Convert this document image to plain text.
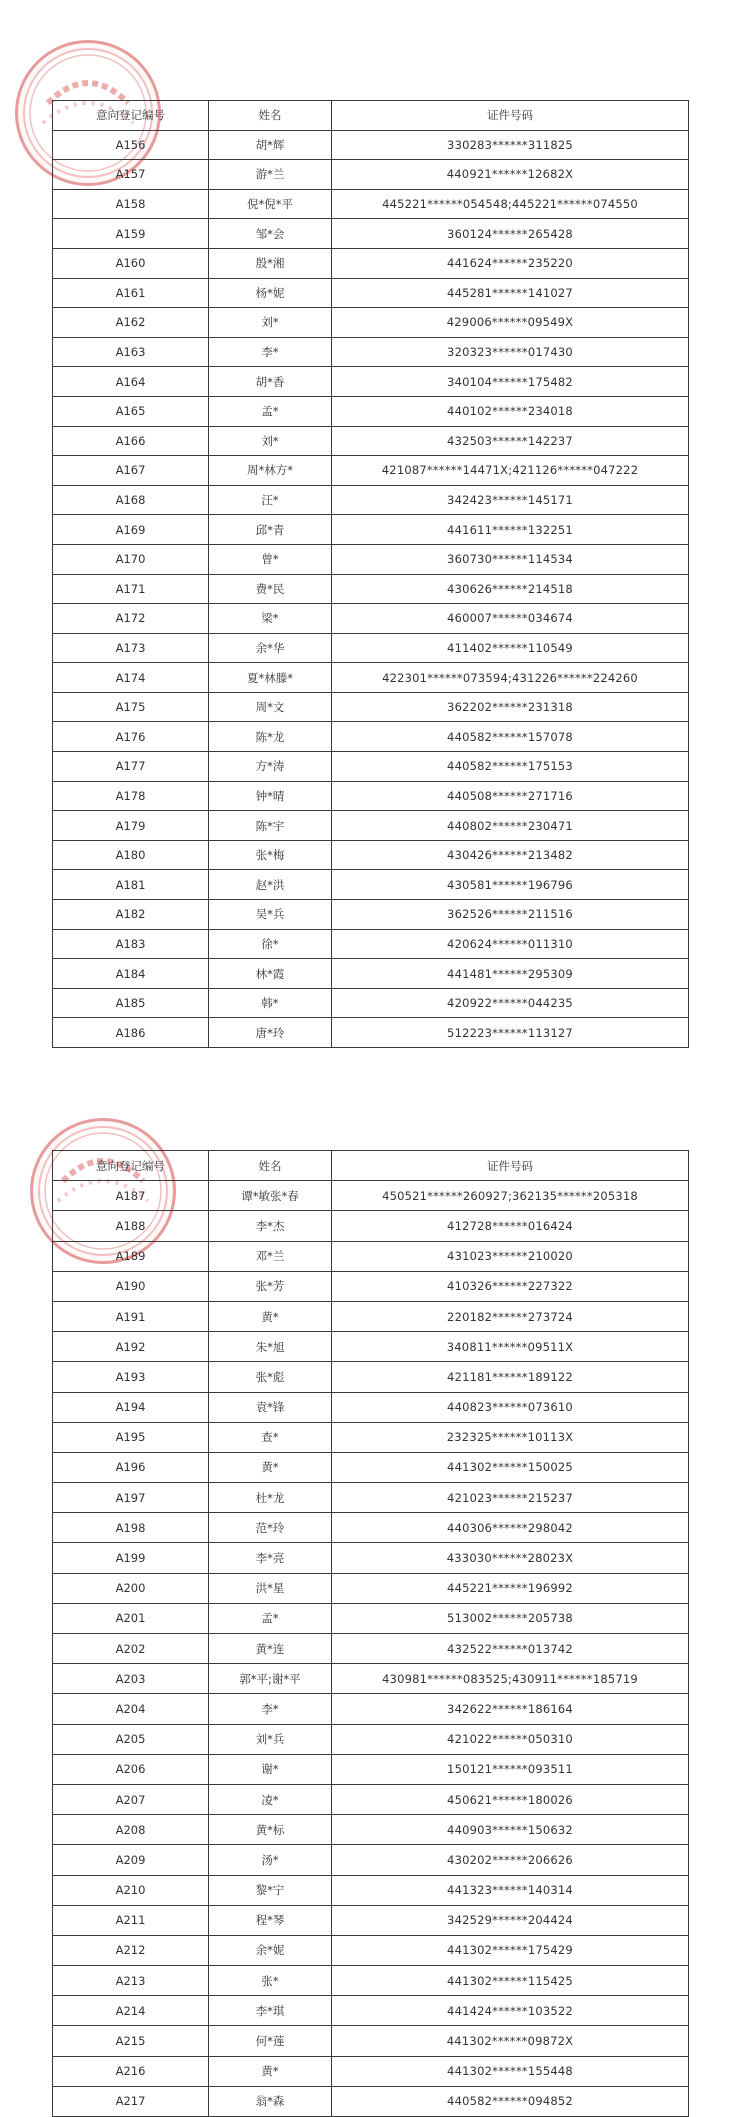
意向登记编号	姓名	证件号码
A156	胡*辉	330283******311825
A157	游*兰	440921******12682X
A158	倪*倪*平	445221******054548;445221******074550
A159	邹*会	360124******265428
A160	殷*湘	441624******235220
A161	杨*妮	445281******141027
A162	刘*	429006******09549X
A163	李*	320323******017430
A164	胡*香	340104******175482
A165	孟*	440102******234018
A166	刘*	432503******142237
A167	周*林方*	421087******14471X;421126******047222
A168	汪*	342423******145171
A169	邱*青	441611******132251
A170	曾*	360730******114534
A171	费*民	430626******214518
A172	梁*	460007******034674
A173	余*华	411402******110549
A174	夏*林滕*	422301******073594;431226******224260
A175	周*文	362202******231318
A176	陈*龙	440582******157078
A177	方*涛	440582******175153
A178	钟*晴	440508******271716
A179	陈*宇	440802******230471
A180	张*梅	430426******213482
A181	赵*洪	430581******196796
A182	吴*兵	362526******211516
A183	徐*	420624******011310
A184	林*霞	441481******295309
A185	韩*	420922******044235
A186	唐*玲	512223******113127
意向登记编号	姓名	证件号码
A187	谭*敏张*春	450521******260927;362135******205318
A188	李*杰	412728******016424
A189	邓*兰	431023******210020
A190	张*芳	410326******227322
A191	黄*	220182******273724
A192	朱*旭	340811******09511X
A193	张*彪	421181******189122
A194	袁*锋	440823******073610
A195	查*	232325******10113X
A196	黄*	441302******150025
A197	杜*龙	421023******215237
A198	范*玲	440306******298042
A199	李*亮	433030******28023X
A200	洪*星	445221******196992
A201	孟*	513002******205738
A202	黄*连	432522******013742
A203	郭*平;谢*平	430981******083525;430911******185719
A204	李*	342622******186164
A205	刘*兵	421022******050310
A206	谢*	150121******093511
A207	凌*	450621******180026
A208	黄*标	440903******150632
A209	汤*	430202******206626
A210	黎*宁	441323******140314
A211	程*琴	342529******204424
A212	余*妮	441302******175429
A213	张*	441302******115425
A214	李*琪	441424******103522
A215	何*莲	441302******09872X
A216	黄*	441302******155448
A217	翁*森	440582******094852
